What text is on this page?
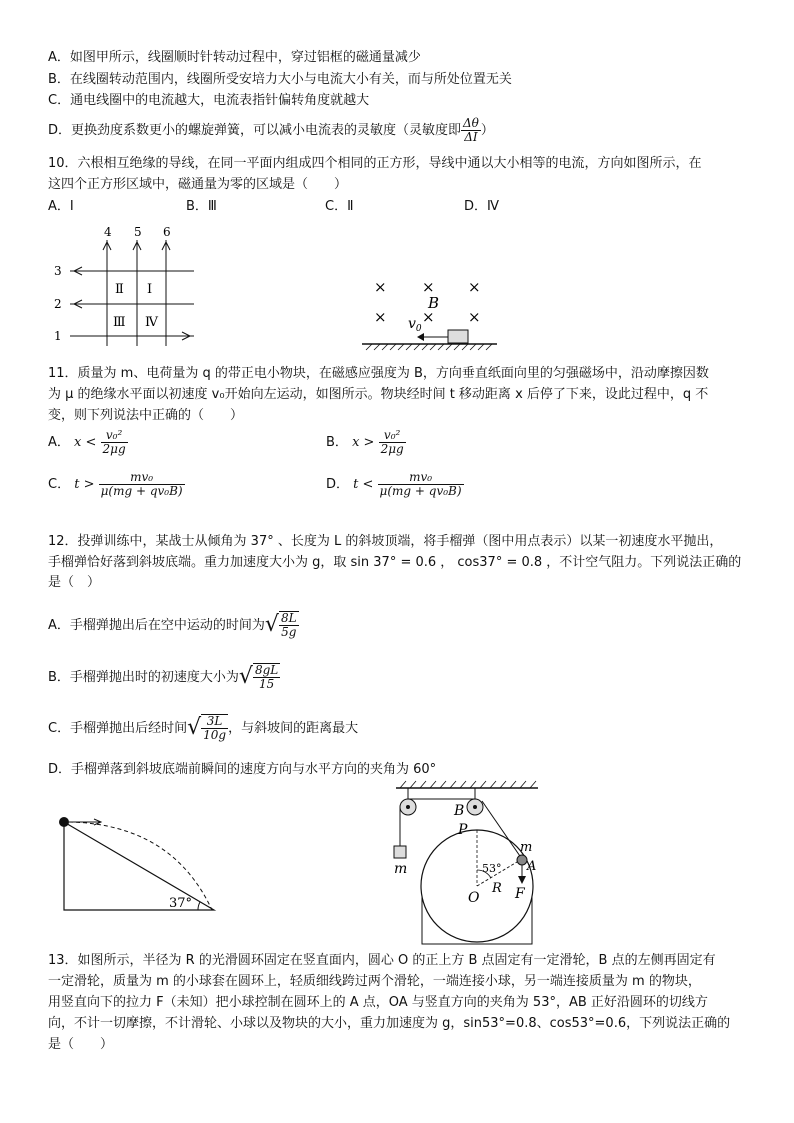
A．如图甲所示，线圈顺时针转动过程中，穿过铝框的磁通量减少
B．在线圈转动范围内，线圈所受安培力大小与电流大小有关，而与所处位置无关
C．通电线圈中的电流越大，电流表指针偏转角度就越大
D．更换劲度系数更小的螺旋弹簧，可以减小电流表的灵敏度（灵敏度即 $\frac{\Delta\theta}{\Delta I}$ ）
10．六根相互绝缘的导线，在同一平面内组成四个相同的正方形，导线中通以大小相等的电流，方向如图所示，在
这四个正方形区域中，磁通量为零的区域是（　　）
A．Ⅰ	B．Ⅲ	C．Ⅱ	D．Ⅳ
4 5 6
3
2
1
Ⅱ Ⅰ
Ⅲ Ⅳ
× × ×
× × ×
B
$v_0$
11．质量为 m、电荷量为 q 的带正电小物块，在磁感应强度为 B，方向垂直纸面向里的匀强磁场中，沿动摩擦因数
为 μ 的绝缘水平面以初速度 v₀开始向左运动，如图所示。物块经时间 t 移动距离 x 后停了下来，设此过程中，q 不
变，则下列说法中正确的（　　）
A． $x < \frac{\text{v₀²}}{2\mu g}$	B． $x > \frac{\text{v₀²}}{2\mu g}$
C． $t > \frac{\text{mv₀}}{\text{μ(mg + qv₀B)}}$	D． $t < \frac{\text{mv₀}}{\text{μ(mg + qv₀B)}}$
12．投弹训练中，某战士从倾角为 37° 、长度为 L 的斜坡顶端，将手榴弹（图中用点表示）以某一初速度水平抛出，
手榴弹恰好落到斜坡底端。重力加速度大小为 g，取 sin 37° = 0.6 ， cos37° = 0.8 ，不计空气阻力。下列说法正确的
是（　）
A．手榴弹抛出后在空中运动的时间为√ $\frac{8L}{5g}$
B．手榴弹抛出时的初速度大小为√ $\frac{8gL}{15}$
C．手榴弹抛出后经时间√ $\frac{3L}{10g}$ ，与斜坡间的距离最大
D．手榴弹落到斜坡底端前瞬间的速度方向与水平方向的夹角为 60°
37°
B
m	53°
R
O
P
m
A
F
13．如图所示，半径为 R 的光滑圆环固定在竖直面内，圆心 O 的正上方 B 点固定有一定滑轮，B 点的左侧再固定有
一定滑轮，质量为 m 的小球套在圆环上，轻质细线跨过两个滑轮，一端连接小球，另一端连接质量为 m 的物块，
用竖直向下的拉力 F（未知）把小球控制在圆环上的 A 点，OA 与竖直方向的夹角为 53°，AB 正好沿圆环的切线方
向，不计一切摩擦，不计滑轮、小球以及物块的大小，重力加速度为 g，sin53°=0.8、cos53°=0.6，下列说法正确的
是（　　）
